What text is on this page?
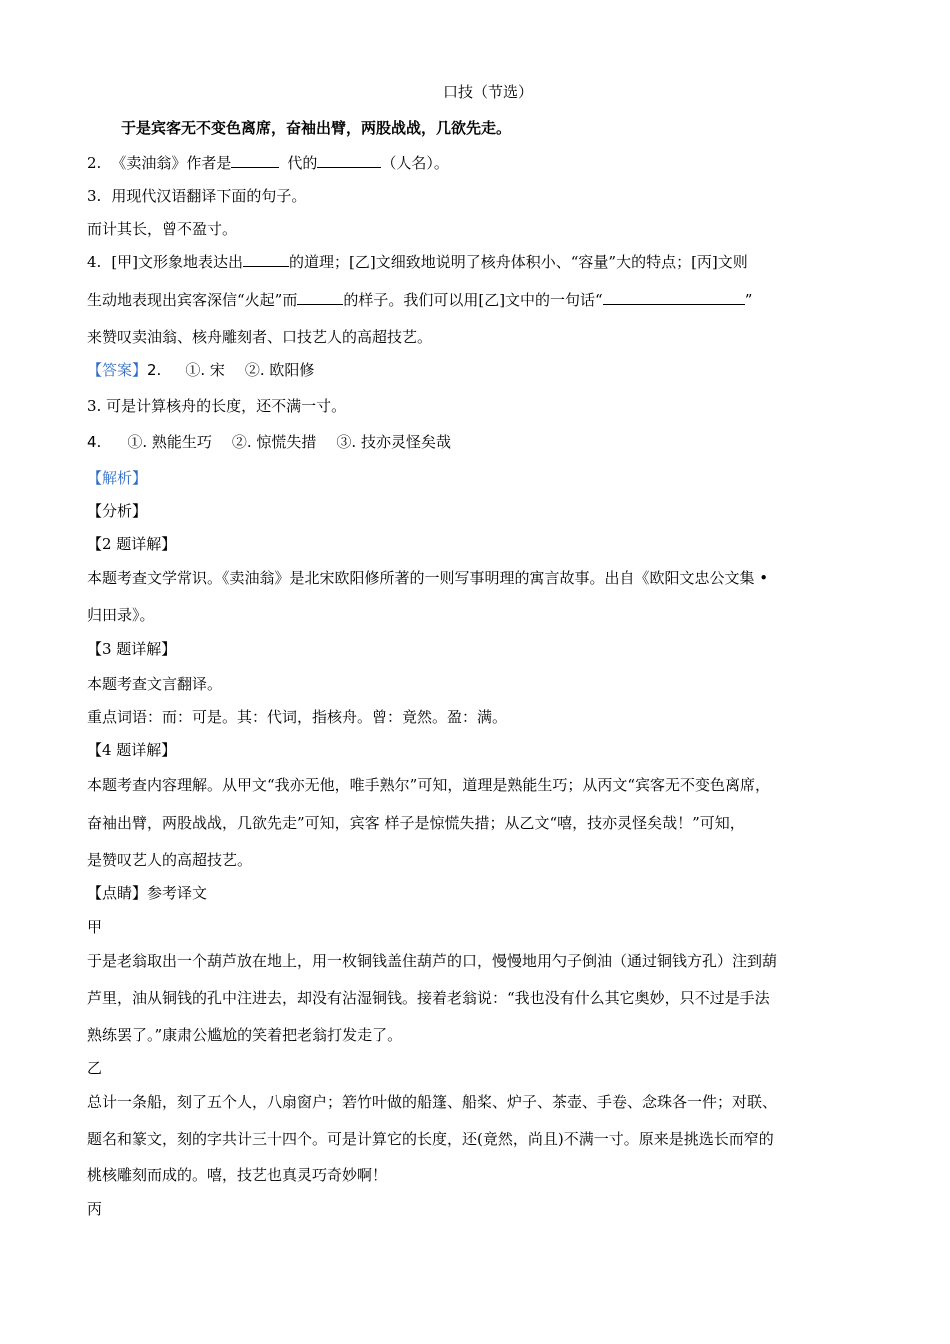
口技（节选）
于是宾客无不变色离席，奋袖出臂，两股战战，几欲先走。
2. 《卖油翁》作者是	代的	（人名）。
3. 用现代汉语翻译下面的句子。
而计其长，曾不盈寸。
4. [甲]文形象地表达出	的道理；[乙]文细致地说明了核舟体积小、“容量”大的特点；[丙]文则
生动地表现出宾客深信“火起”而	的样子。我们可以用[乙]文中的一句话“	”
来赞叹卖油翁、核舟雕刻者、口技艺人的高超技艺。
【答案】2. ①. 宋 ②. 欧阳修
3. 可是计算核舟的长度，还不满一寸。
4. ①. 熟能生巧 ②. 惊慌失措 ③. 技亦灵怪矣哉
【解析】
【分析】
【2 题详解】
本题考查文学常识。《卖油翁》是北宋欧阳修所著的一则写事明理的寓言故事。出自《欧阳文忠公文集 •
归田录》。
【3 题详解】
本题考查文言翻译。
重点词语：而：可是。其：代词，指核舟。曾：竟然。盈：满。
【4 题详解】
本题考查内容理解。从甲文“我亦无他，唯手熟尔”可知，道理是熟能生巧；从丙文“宾客无不变色离席，
奋袖出臂，两股战战，几欲先走”可知，宾客 样子是惊慌失措；从乙文“嘻，技亦灵怪矣哉！”可知，
是赞叹艺人的高超技艺。
【点睛】参考译文
甲
于是老翁取出一个葫芦放在地上，用一枚铜钱盖住葫芦的口，慢慢地用勺子倒油（通过铜钱方孔）注到葫
芦里，油从铜钱的孔中注进去，却没有沾湿铜钱。接着老翁说：“我也没有什么其它奥妙，只不过是手法
熟练罢了。”康肃公尴尬的笑着把老翁打发走了。
乙
总计一条船，刻了五个人，八扇窗户；箬竹叶做的船篷、船桨、炉子、茶壶、手卷、念珠各一件；对联、
题名和篆文，刻的字共计三十四个。可是计算它的长度，还(竟然，尚且)不满一寸。原来是挑选长而窄的
桃核雕刻而成的。嘻，技艺也真灵巧奇妙啊！
丙
